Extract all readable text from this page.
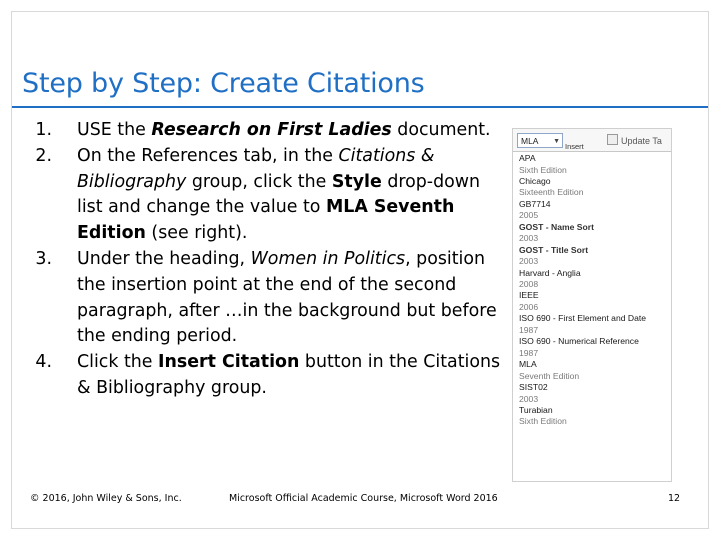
Step by Step: Create Citations
1. USE the Research on First Ladies document.
2. On the References tab, in the Citations & Bibliography group, click the Style drop-down list and change the value to MLA Seventh Edition (see right).
3. Under the heading, Women in Politics, position the insertion point at the end of the second paragraph, after …in the background but before the ending period.
4. Click the Insert Citation button in the Citations & Bibliography group.
MLA ▼
Insert
Update Ta
APA
Sixth Edition
Chicago
Sixteenth Edition
GB7714
2005
GOST - Name Sort
2003
GOST - Title Sort
2003
Harvard - Anglia
2008
IEEE
2006
ISO 690 - First Element and Date
1987
ISO 690 - Numerical Reference
1987
MLA
Seventh Edition
SIST02
2003
Turabian
Sixth Edition
© 2016, John Wiley & Sons, Inc.	Microsoft Official Academic Course, Microsoft Word 2016	12
